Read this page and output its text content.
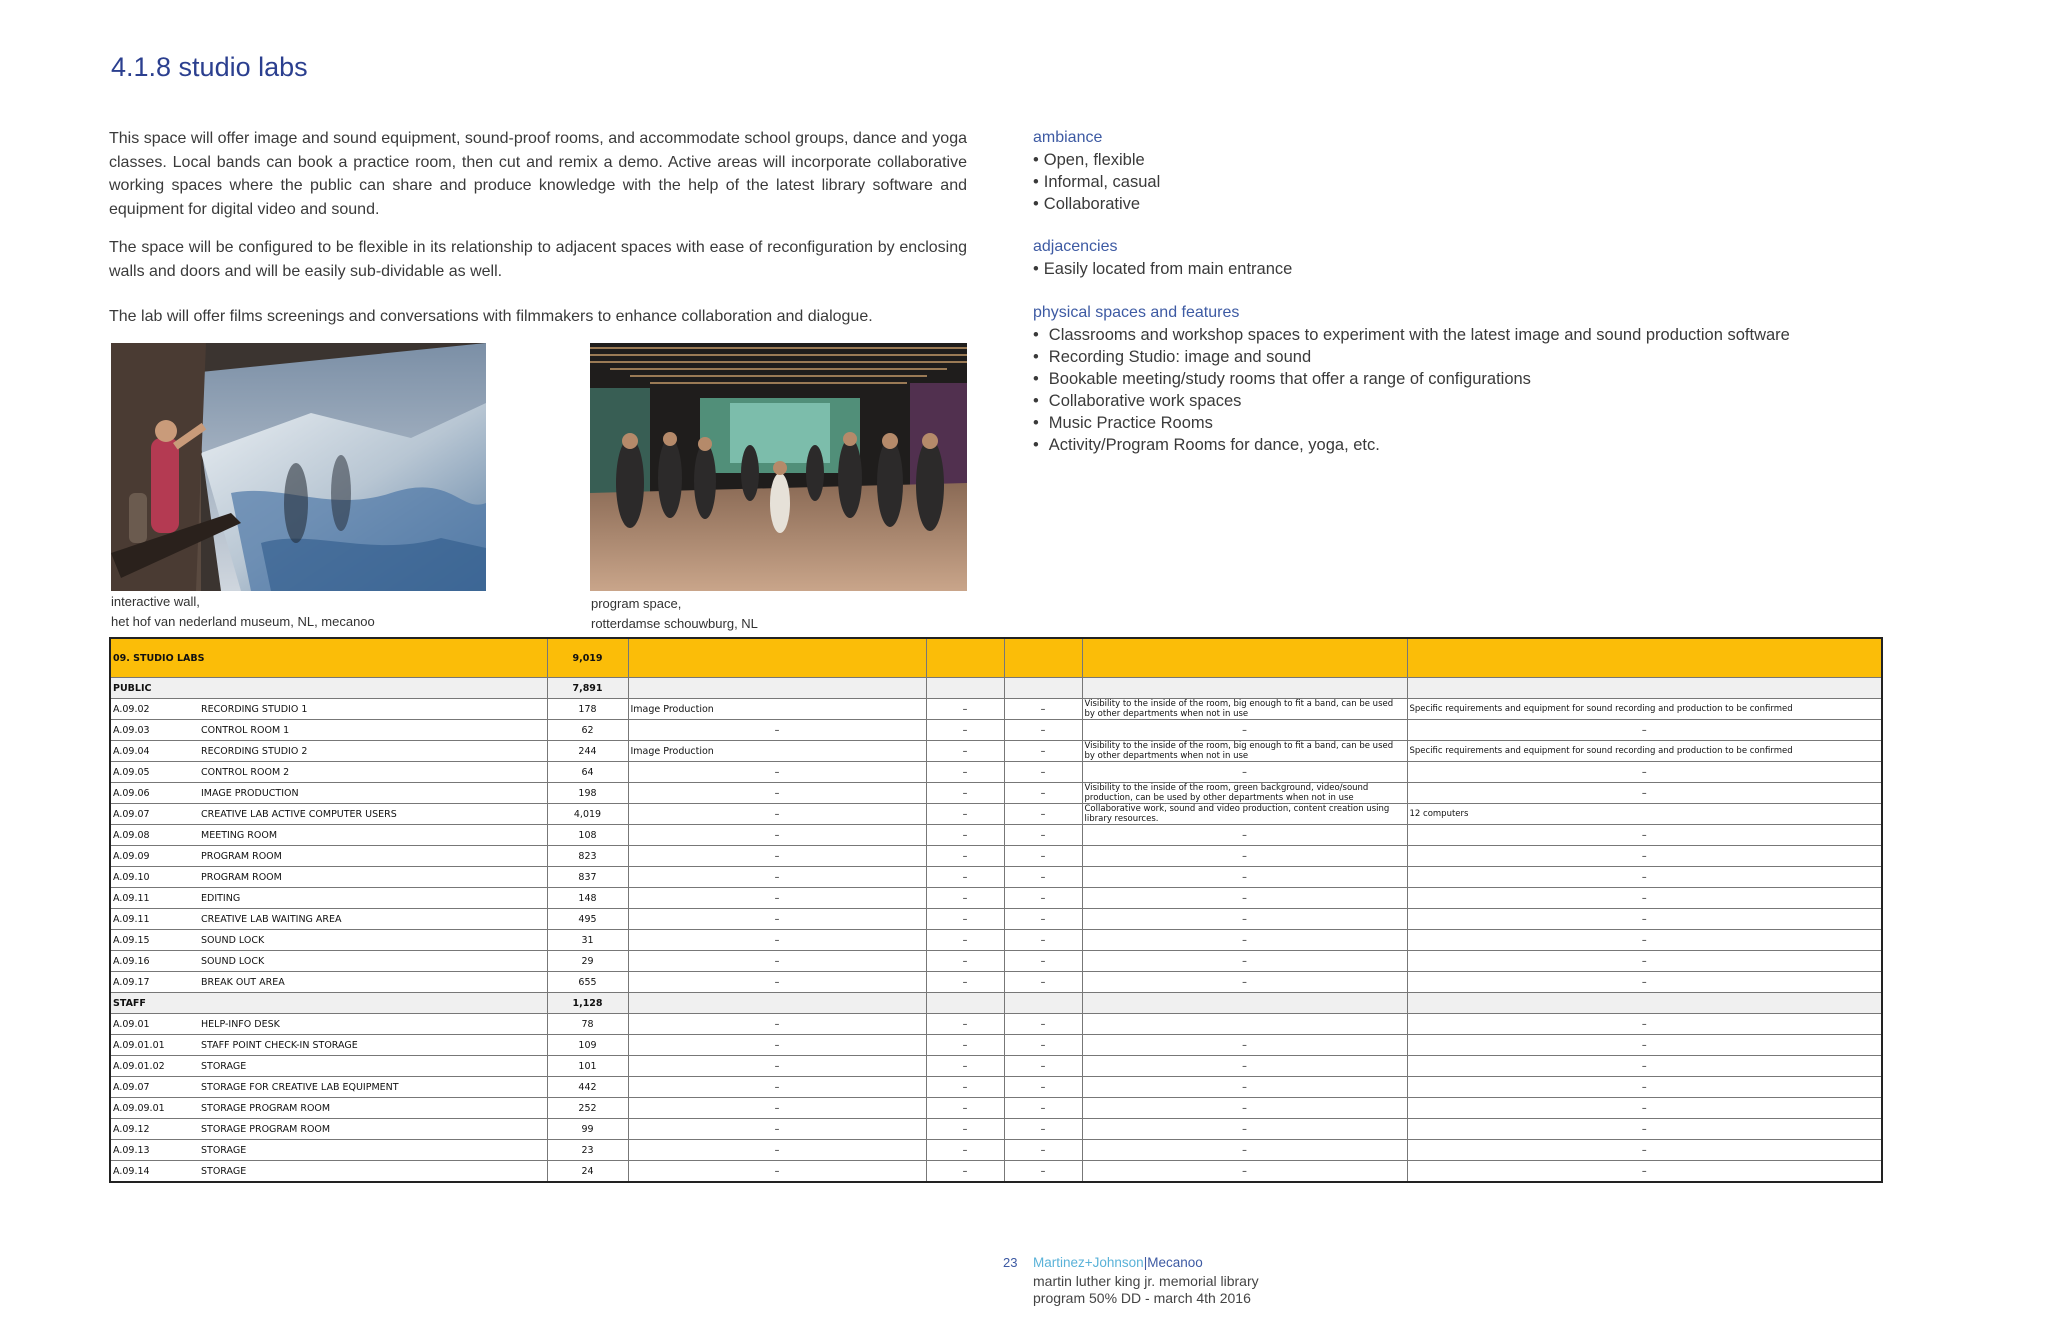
4.1.8 studio labs

This space will offer image and sound equipment, sound-proof rooms, and accommodate school groups, dance and yoga classes. Local bands can book a practice room, then cut and remix a demo. Active areas will incorporate collaborative working spaces where the public can share and produce knowledge with the help of the latest library software and equipment for digital video and sound.

The space will be configured to be flexible in its relationship to adjacent spaces with ease of reconfiguration by enclosing walls and doors and will be easily sub-dividable as well.

The lab will offer films screenings and conversations with filmmakers to enhance collaboration and dialogue.

interactive wall,
het hof van nederland museum, NL, mecanoo
program space,
rotterdamse schouwburg, NL
ambiance
• Open, flexible
• Informal, casual
• Collaborative
adjacencies
• Easily located from main entrance
physical spaces and features
• Classrooms and workshop spaces to experiment with the latest image and sound production software
• Recording Studio: image and sound
• Bookable meeting/study rooms that offer a range of configurations
• Collaborative work spaces
• Music Practice Rooms
• Activity/Program Rooms for dance, yoga, etc.
09. STUDIO LABS		9,019					
PUBLIC		7,891					
A.09.02	RECORDING STUDIO 1	178	Image Production	–	–	Visibility to the inside of the room, big enough to fit a band, can be used by other departments when not in use	Specific requirements and equipment for sound recording and production to be confirmed
A.09.03	CONTROL ROOM 1	62	–	–	–	–	–
A.09.04	RECORDING STUDIO 2	244	Image Production	–	–	Visibility to the inside of the room, big enough to fit a band, can be used by other departments when not in use	Specific requirements and equipment for sound recording and production to be confirmed
A.09.05	CONTROL ROOM 2	64	–	–	–	–	–
A.09.06	IMAGE PRODUCTION	198	–	–	–	Visibility to the inside of the room, green background, video/sound production, can be used by other departments when not in use	–
A.09.07	CREATIVE LAB ACTIVE COMPUTER USERS	4,019	–	–	–	Collaborative work, sound and video production, content creation using library resources.	12 computers
A.09.08	MEETING ROOM	108	–	–	–	–	–
A.09.09	PROGRAM ROOM	823	–	–	–	–	–
A.09.10	PROGRAM ROOM	837	–	–	–	–	–
A.09.11	EDITING	148	–	–	–	–	–
A.09.11	CREATIVE LAB WAITING AREA	495	–	–	–	–	–
A.09.15	SOUND LOCK	31	–	–	–	–	–
A.09.16	SOUND LOCK	29	–	–	–	–	–
A.09.17	BREAK OUT AREA	655	–	–	–	–	–
STAFF		1,128					
A.09.01	HELP-INFO DESK	78	–	–	–		–
A.09.01.01	STAFF POINT CHECK-IN STORAGE	109	–	–	–	–	–
A.09.01.02	STORAGE	101	–	–	–	–	–
A.09.07	STORAGE FOR CREATIVE LAB EQUIPMENT	442	–	–	–	–	–
A.09.09.01	STORAGE PROGRAM ROOM	252	–	–	–	–	–
A.09.12	STORAGE PROGRAM ROOM	99	–	–	–	–	–
A.09.13	STORAGE	23	–	–	–	–	–
A.09.14	STORAGE	24	–	–	–	–	–
23 Martinez+Johnson|Mecanoo
martin luther king jr. memorial library
program 50% DD - march 4th 2016
